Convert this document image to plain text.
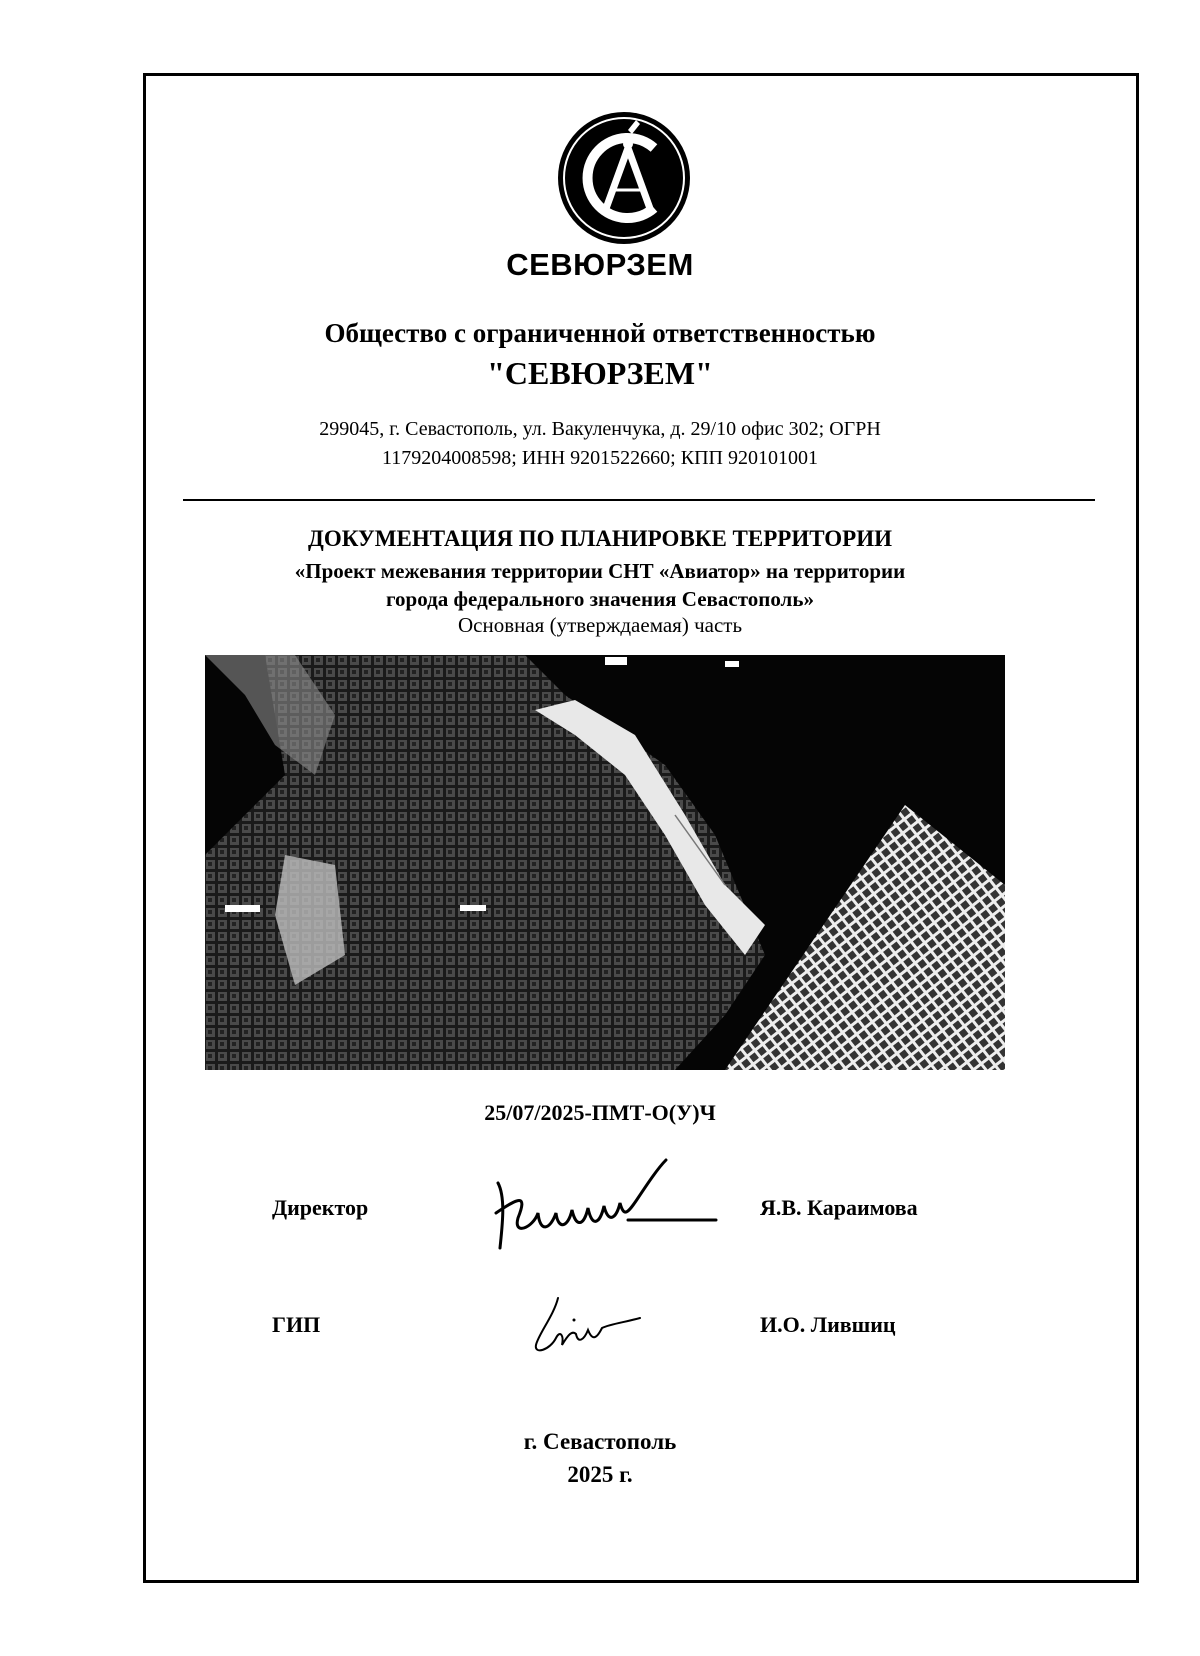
СЕВЮРЗЕМ
Общество с ограниченной ответственностью
"СЕВЮРЗЕМ"
299045, г. Севастополь, ул. Вакуленчука, д. 29/10 офис 302; ОГРН
1179204008598; ИНН 9201522660; КПП 920101001
ДОКУМЕНТАЦИЯ ПО ПЛАНИРОВКЕ ТЕРРИТОРИИ
«Проект межевания территории СНТ «Авиатор» на территории
города федерального значения Севастополь»
Основная (утверждаемая) часть
25/07/2025-ПМТ-О(У)Ч
Директор	Я.В. Караимова
ГИП	И.О. Лившиц
г. Севастополь
2025 г.
